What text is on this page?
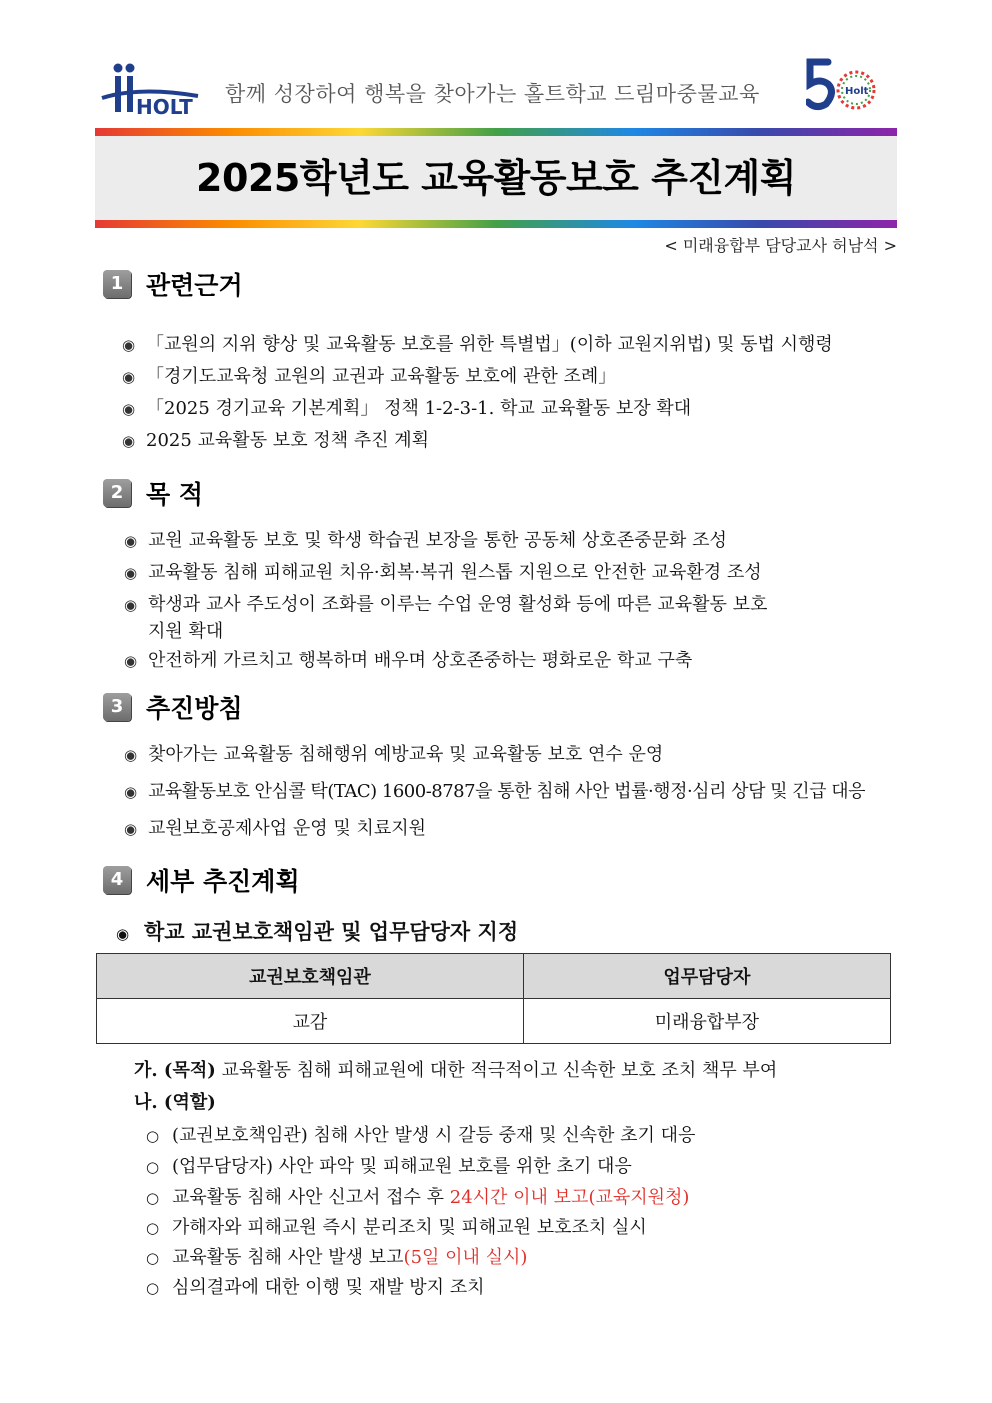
HOLT
함께 성장하여 행복을 찾아가는 홀트학교 드림마중물교육	Holt
2025학년도 교육활동보호 추진계획
< 미래융합부 담당교사 허남석 >
1 관련근거
◉ 「교원의 지위 향상 및 교육활동 보호를 위한 특별법」(이하 교원지위법) 및 동법 시행령
◉ 「경기도교육청 교원의 교권과 교육활동 보호에 관한 조례」
◉ 「2025 경기교육 기본계획」 정책 1-2-3-1. 학교 교육활동 보장 확대
◉ 2025 교육활동 보호 정책 추진 계획
2 목 적
◉ 교원 교육활동 보호 및 학생 학습권 보장을 통한 공동체 상호존중문화 조성
◉ 교육활동 침해 피해교원 치유·회복·복귀 원스톱 지원으로 안전한 교육환경 조성
◉ 학생과 교사 주도성이 조화를 이루는 수업 운영 활성화 등에 따른 교육활동 보호
지원 확대
◉ 안전하게 가르치고 행복하며 배우며 상호존중하는 평화로운 학교 구축
3 추진방침
◉ 찾아가는 교육활동 침해행위 예방교육 및 교육활동 보호 연수 운영
◉ 교육활동보호 안심콜 탁(TAC) 1600-8787을 통한 침해 사안 법률·행정·심리 상담 및 긴급 대응
◉ 교원보호공제사업 운영 및 치료지원
4 세부 추진계획
◉ 학교 교권보호책임관 및 업무담당자 지정
교권보호책임관	업무담당자
교감	미래융합부장
가. (목적) 교육활동 침해 피해교원에 대한 적극적이고 신속한 보호 조치 책무 부여
나. (역할)
○ (교권보호책임관) 침해 사안 발생 시 갈등 중재 및 신속한 초기 대응
○ (업무담당자) 사안 파악 및 피해교원 보호를 위한 초기 대응
○ 교육활동 침해 사안 신고서 접수 후 24시간 이내 보고(교육지원청)
○ 가해자와 피해교원 즉시 분리조치 및 피해교원 보호조치 실시
○ 교육활동 침해 사안 발생 보고(5일 이내 실시)
○ 심의결과에 대한 이행 및 재발 방지 조치
